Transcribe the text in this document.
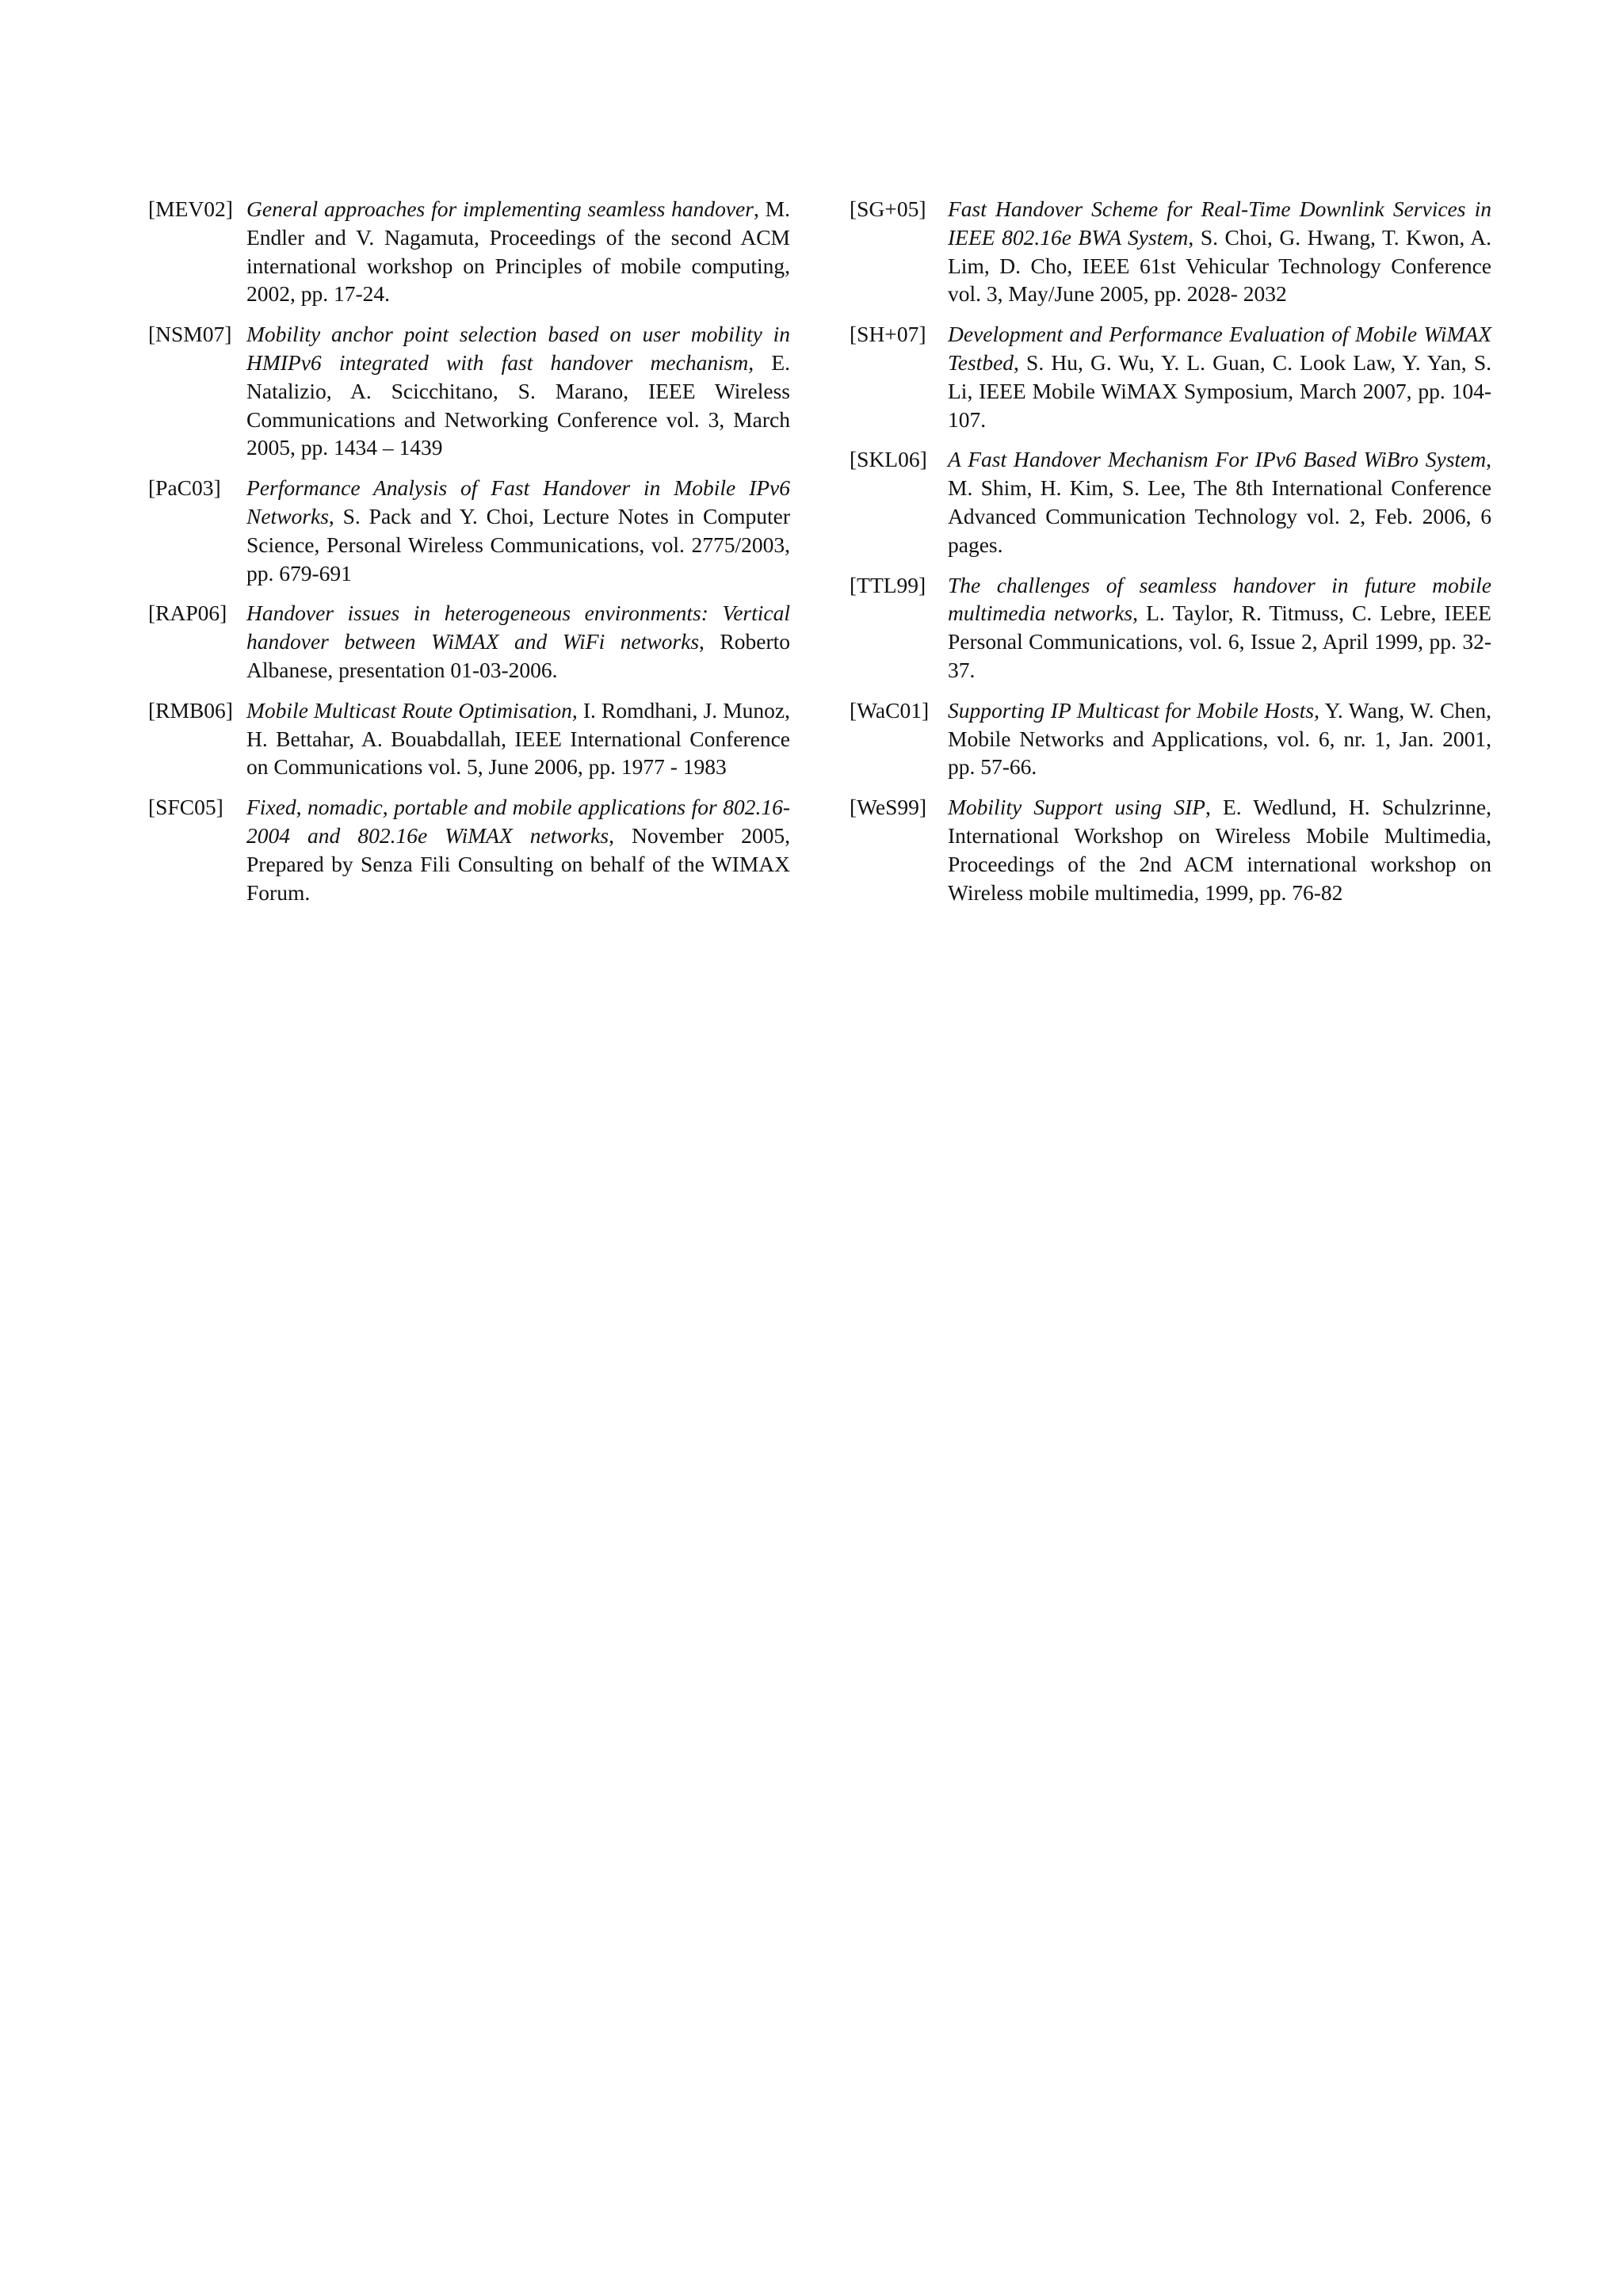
[MEV02] General approaches for implementing seamless handover, M. Endler and V. Nagamuta, Proceedings of the second ACM international workshop on Principles of mobile computing, 2002, pp. 17-24.
[NSM07] Mobility anchor point selection based on user mobility in HMIPv6 integrated with fast handover mechanism, E. Natalizio, A. Scicchitano, S. Marano, IEEE Wireless Communications and Networking Conference vol. 3, March 2005, pp. 1434 – 1439
[PaC03]	Performance Analysis of Fast Handover in Mobile IPv6 Networks, S. Pack and Y. Choi, Lecture Notes in Computer Science, Personal Wireless Communications, vol. 2775/2003, pp. 679-691
[RAP06] Handover issues in heterogeneous environments: Vertical handover between WiMAX and WiFi networks, Roberto Albanese, presentation 01-03-2006.
[RMB06] Mobile Multicast Route Optimisation, I. Romdhani, J. Munoz, H. Bettahar, A. Bouabdallah, IEEE International Conference on Communications vol. 5, June 2006, pp. 1977 - 1983
[SFC05]	Fixed, nomadic, portable and mobile applications for 802.16-2004 and 802.16e WiMAX networks, November 2005, Prepared by Senza Fili Consulting on behalf of the WIMAX Forum.
[SG+05]	Fast Handover Scheme for Real-Time Downlink Services in IEEE 802.16e BWA System, S. Choi, G. Hwang, T. Kwon, A. Lim, D. Cho, IEEE 61st Vehicular Technology Conference vol. 3, May/June 2005, pp. 2028- 2032
[SH+07]	Development and Performance Evaluation of Mobile WiMAX Testbed, S. Hu, G. Wu, Y. L. Guan, C. Look Law, Y. Yan, S. Li, IEEE Mobile WiMAX Symposium, March 2007, pp. 104-107.
[SKL06] A Fast Handover Mechanism For IPv6 Based WiBro System, M. Shim, H. Kim, S. Lee, The 8th International Conference Advanced Communication Technology vol. 2, Feb. 2006, 6 pages.
[TTL99]	The challenges of seamless handover in future mobile multimedia networks, L. Taylor, R. Titmuss, C. Lebre, IEEE Personal Communications, vol. 6, Issue 2, April 1999, pp. 32-37.
[WaC01] Supporting IP Multicast for Mobile Hosts, Y. Wang, W. Chen, Mobile Networks and Applications, vol. 6, nr. 1, Jan. 2001, pp. 57-66.
[WeS99] Mobility Support using SIP, E. Wedlund, H. Schulzrinne, International Workshop on Wireless Mobile Multimedia, Proceedings of the 2nd ACM international workshop on Wireless mobile multimedia, 1999, pp. 76-82
